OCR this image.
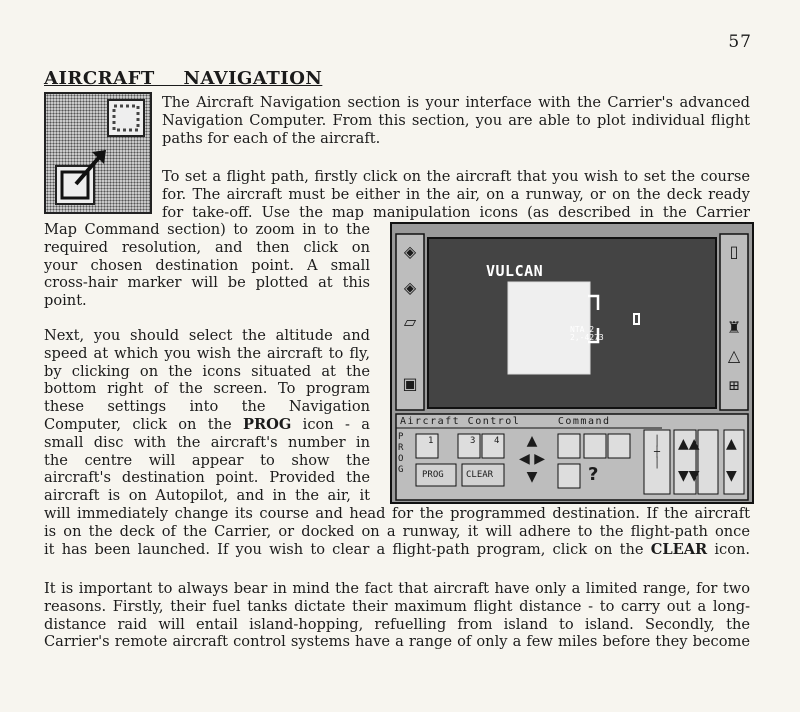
57
AIRCRAFT NAVIGATION
The Aircraft Navigation section is your interface with the Carrier's advanced
Navigation Computer. From this section, you are able to plot individual flight
paths for each of the aircraft.
To set a flight path, firstly click on the aircraft that you wish to set the course
for. The aircraft must be either in the air, on a runway, or on the deck ready
for take-off. Use the map manipulation icons (as described in the Carrier
Map Command section) to zoom in to the
required resolution, and then click on
your chosen destination point. A small
cross-hair marker will be plotted at this
point.
Next, you should select the altitude and
speed at which you wish the aircraft to fly,
by clicking on the icons situated at the
bottom right of the screen. To program
these settings into the Navigation
Computer, click on the PROG icon - a
small disc with the aircraft's number in
the centre will appear to show the
aircraft's destination point. Provided the
aircraft is on Autopilot, and in the air, it
will immediately change its course and head for the programmed destination. If the aircraft
is on the deck of the Carrier, or docked on a runway, it will adhere to the flight-path once
it has been launched. If you wish to clear a flight-path program, click on the CLEAR icon.
It is important to always bear in mind the fact that aircraft have only a limited range, for two
reasons. Firstly, their fuel tanks dictate their maximum flight distance - to carry out a long-
distance raid will entail island-hopping, refuelling from island to island. Secondly, the
Carrier's remote aircraft control systems have a range of only a few miles before they become
◈
◈
▱
▣
▯
♜
△
⊞
VULCAN
NTA 2
2,-4273
Aircraft Control	Command
PROG
1	3 4
PROG CLEAR
▲
◀ ▶
▼	?
│
┼
│
▲▲
▼▼
▲
▼
